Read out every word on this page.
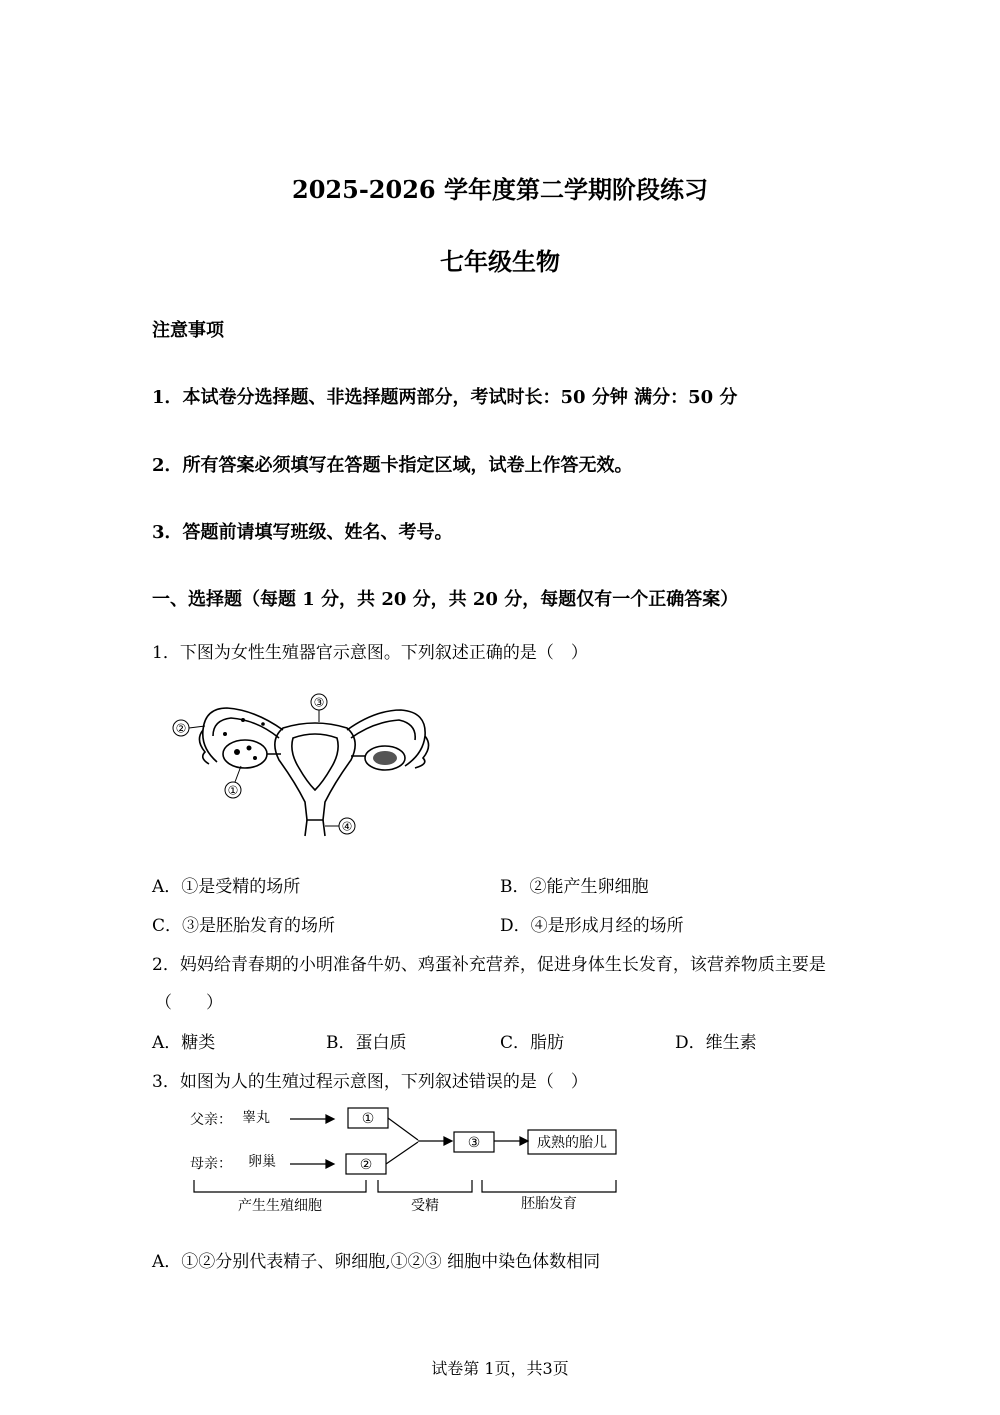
2025-2026 学年度第二学期阶段练习
七年级生物
注意事项
1．本试卷分选择题、非选择题两部分，考试时长：50 分钟 满分：50 分
2．所有答案必须填写在答题卡指定区域，试卷上作答无效。
3．答题前请填写班级、姓名、考号。
一、选择题（每题 1 分，共 20 分，共 20 分，每题仅有一个正确答案）
1．下图为女性生殖器官示意图。下列叙述正确的是（　）
①
②
③
④
A．①是受精的场所	B．②能产生卵细胞
C．③是胚胎发育的场所	D．④是形成月经的场所
2．妈妈给青春期的小明准备牛奶、鸡蛋补充营养，促进身体生长发育，该营养物质主要是
（　　）
A．糖类	B．蛋白质	C．脂肪	D．维生素
3．如图为人的生殖过程示意图，下列叙述错误的是（　）
父亲： 睾丸
母亲： 卵巢
①
②
③	成熟的胎儿
产生生殖细胞	受精	胚胎发育
A．①②分别代表精子、卵细胞,①②③ 细胞中染色体数相同
试卷第 1页，共3页
